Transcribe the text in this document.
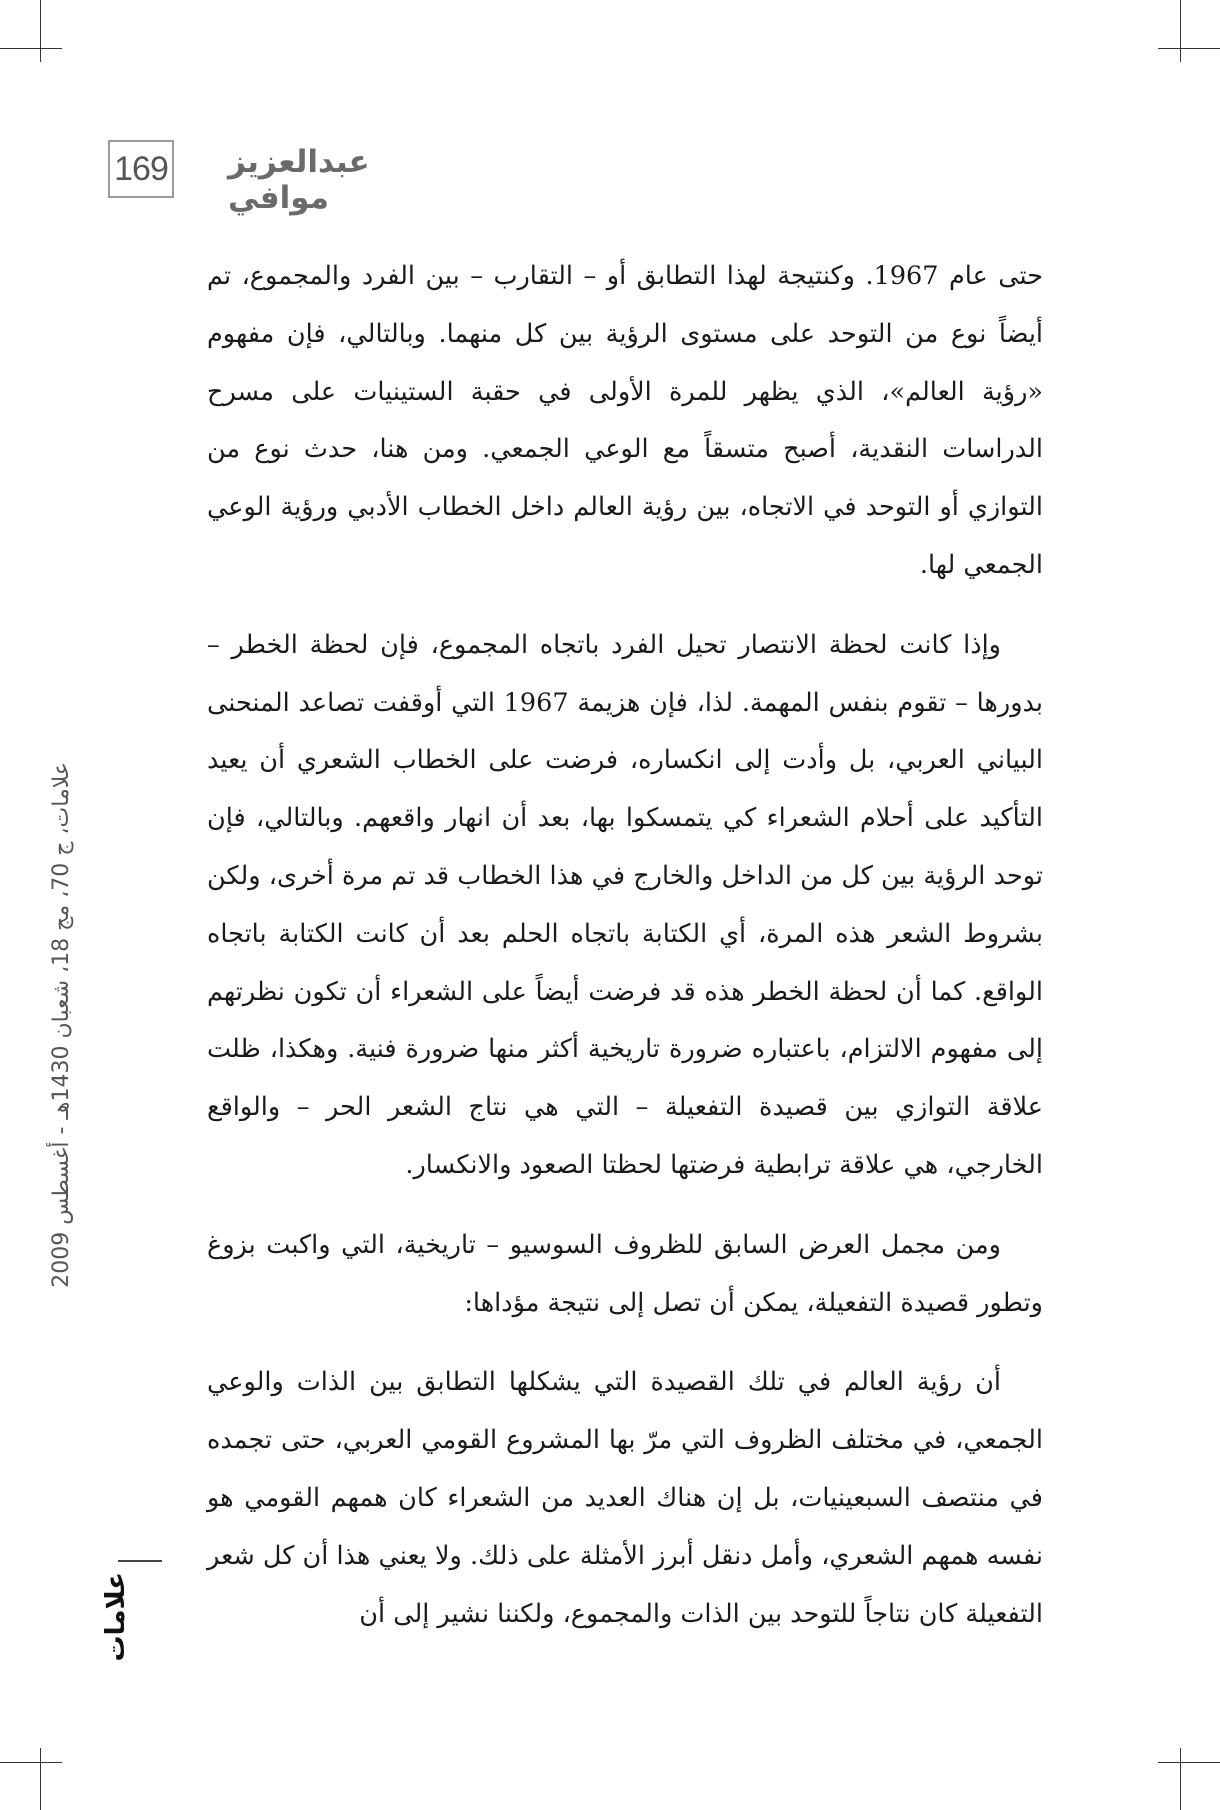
169 عبدالعزيز موافي

حتى عام 1967. وكنتيجة لهذا التطابق أو – التقارب – بين الفرد والمجموع، تم أيضاً نوع من التوحد على مستوى الرؤية بين كل منهما. وبالتالي، فإن مفهوم «رؤية العالم»، الذي يظهر للمرة الأولى في حقبة الستينيات على مسرح الدراسات النقدية، أصبح متسقاً مع الوعي الجمعي. ومن هنا، حدث نوع من التوازي أو التوحد في الاتجاه، بين رؤية العالم داخل الخطاب الأدبي ورؤية الوعي الجمعي لها.

وإذا كانت لحظة الانتصار تحيل الفرد باتجاه المجموع، فإن لحظة الخطر – بدورها – تقوم بنفس المهمة. لذا، فإن هزيمة 1967 التي أوقفت تصاعد المنحنى البياني العربي، بل وأدت إلى انكساره، فرضت على الخطاب الشعري أن يعيد التأكيد على أحلام الشعراء كي يتمسكوا بها، بعد أن انهار واقعهم. وبالتالي، فإن توحد الرؤية بين كل من الداخل والخارج في هذا الخطاب قد تم مرة أخرى، ولكن بشروط الشعر هذه المرة، أي الكتابة باتجاه الحلم بعد أن كانت الكتابة باتجاه الواقع. كما أن لحظة الخطر هذه قد فرضت أيضاً على الشعراء أن تكون نظرتهم إلى مفهوم الالتزام، باعتباره ضرورة تاريخية أكثر منها ضرورة فنية. وهكذا، ظلت علاقة التوازي بين قصيدة التفعيلة – التي هي نتاج الشعر الحر – والواقع الخارجي، هي علاقة ترابطية فرضتها لحظتا الصعود والانكسار.

ومن مجمل العرض السابق للظروف السوسيو – تاريخية، التي واكبت بزوغ وتطور قصيدة التفعيلة، يمكن أن تصل إلى نتيجة مؤداها:

أن رؤية العالم في تلك القصيدة التي يشكلها التطابق بين الذات والوعي الجمعي، في مختلف الظروف التي مرّ بها المشروع القومي العربي، حتى تجمده في منتصف السبعينيات، بل إن هناك العديد من الشعراء كان همهم القومي هو نفسه همهم الشعري، وأمل دنقل أبرز الأمثلة على ذلك. ولا يعني هذا أن كل شعر التفعيلة كان نتاجاً للتوحد بين الذات والمجموع، ولكننا نشير إلى أن

علامات، ج 70، مج 18، شعبان 1430هـ - أغسطس 2009
علامات
